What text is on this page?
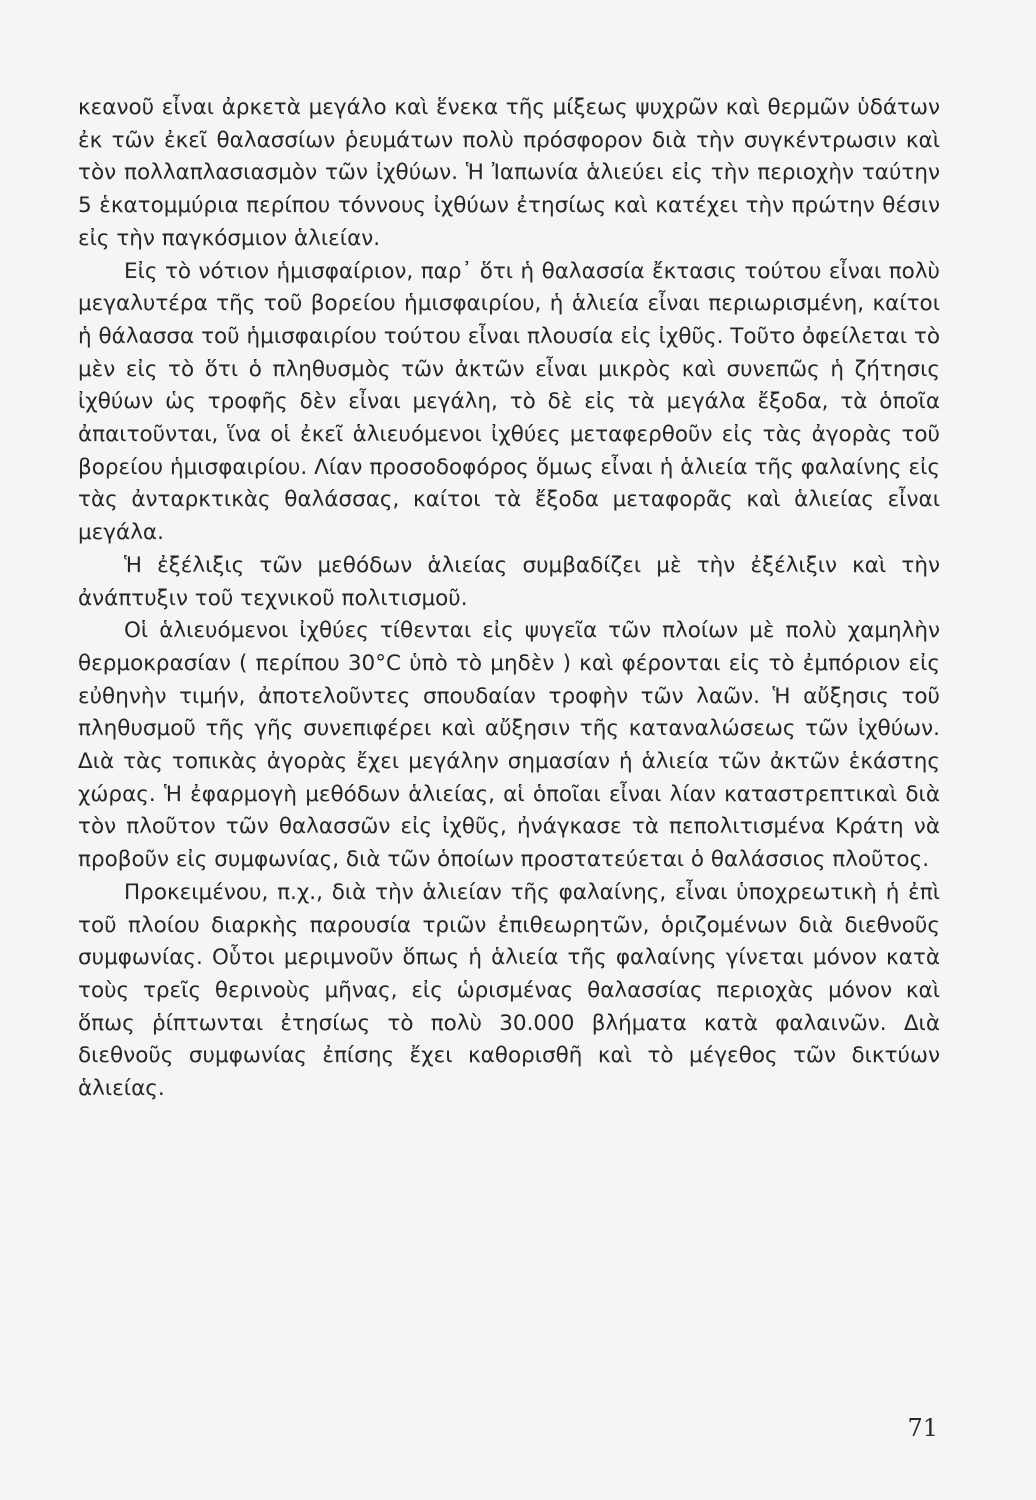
κεανοῦ εἶναι ἀρκετὰ μεγάλο καὶ ἕνεκα τῆς μίξεως ψυχρῶν καὶ θερμῶν ὑδάτων ἐκ τῶν ἐκεῖ θαλασσίων ῥευμάτων πολὺ πρόσφορον διὰ τὴν συγκέντρωσιν καὶ τὸν πολλαπλασιασμὸν τῶν ἰχθύων. Ἡ Ἰαπωνία ἁλιεύει εἰς τὴν περιοχὴν ταύτην 5 ἑκατομμύρια περίπου τόννους ἰχθύων ἐτησίως καὶ κατέχει τὴν πρώτην θέσιν εἰς τὴν παγκόσμιον ἁλιείαν.

Εἰς τὸ νότιον ἡμισφαίριον, παρ᾽ ὅτι ἡ θαλασσία ἔκτασις τούτου εἶναι πολὺ μεγαλυτέρα τῆς τοῦ βορείου ἡμισφαιρίου, ἡ ἁλιεία εἶναι περιωρισμένη, καίτοι ἡ θάλασσα τοῦ ἡμισφαιρίου τούτου εἶναι πλουσία εἰς ἰχθῦς. Τοῦτο ὀφείλεται τὸ μὲν εἰς τὸ ὅτι ὁ πληθυσμὸς τῶν ἀκτῶν εἶναι μικρὸς καὶ συνεπῶς ἡ ζήτησις ἰχθύων ὡς τροφῆς δὲν εἶναι μεγάλη, τὸ δὲ εἰς τὰ μεγάλα ἔξοδα, τὰ ὁποῖα ἀπαιτοῦνται, ἵνα οἱ ἐκεῖ ἁλιευόμενοι ἰχθύες μεταφερθοῦν εἰς τὰς ἀγορὰς τοῦ βορείου ἡμισφαιρίου. Λίαν προσοδοφόρος ὅμως εἶναι ἡ ἁλιεία τῆς φαλαίνης εἰς τὰς ἀνταρκτικὰς θαλάσσας, καίτοι τὰ ἔξοδα μεταφορᾶς καὶ ἁλιείας εἶναι μεγάλα.

Ἡ ἐξέλιξις τῶν μεθόδων ἁλιείας συμβαδίζει μὲ τὴν ἐξέλιξιν καὶ τὴν ἀνάπτυξιν τοῦ τεχνικοῦ πολιτισμοῦ.

Οἱ ἁλιευόμενοι ἰχθύες τίθενται εἰς ψυγεῖα τῶν πλοίων μὲ πολὺ χαμηλὴν θερμοκρασίαν ( περίπου 30°C ὑπὸ τὸ μηδὲν ) καὶ φέρονται εἰς τὸ ἐμπόριον εἰς εὐθηνὴν τιμήν, ἀποτελοῦντες σπουδαίαν τροφὴν τῶν λαῶν. Ἡ αὔξησις τοῦ πληθυσμοῦ τῆς γῆς συνεπιφέρει καὶ αὔξησιν τῆς καταναλώσεως τῶν ἰχθύων. Διὰ τὰς τοπικὰς ἀγορὰς ἔχει μεγάλην σημασίαν ἡ ἁλιεία τῶν ἀκτῶν ἑκάστης χώρας. Ἡ ἐφαρμογὴ μεθόδων ἁλιείας, αἱ ὁποῖαι εἶναι λίαν καταστρεπτικαὶ διὰ τὸν πλοῦτον τῶν θαλασσῶν εἰς ἰχθῦς, ἠνάγκασε τὰ πεπολιτισμένα Κράτη νὰ προβοῦν εἰς συμφωνίας, διὰ τῶν ὁποίων προστατεύεται ὁ θαλάσσιος πλοῦτος.

Προκειμένου, π.χ., διὰ τὴν ἁλιείαν τῆς φαλαίνης, εἶναι ὑποχρεωτικὴ ἡ ἐπὶ τοῦ πλοίου διαρκὴς παρουσία τριῶν ἐπιθεωρητῶν, ὁριζομένων διὰ διεθνοῦς συμφωνίας. Οὗτοι μεριμνοῦν ὅπως ἡ ἁλιεία τῆς φαλαίνης γίνεται μόνον κατὰ τοὺς τρεῖς θερινοὺς μῆνας, εἰς ὡρισμένας θαλασσίας περιοχὰς μόνον καὶ ὅπως ῥίπτωνται ἐτησίως τὸ πολὺ 30.000 βλήματα κατὰ φαλαινῶν. Διὰ διεθνοῦς συμφωνίας ἐπίσης ἔχει καθορισθῆ καὶ τὸ μέγεθος τῶν δικτύων ἁλιείας.

71
